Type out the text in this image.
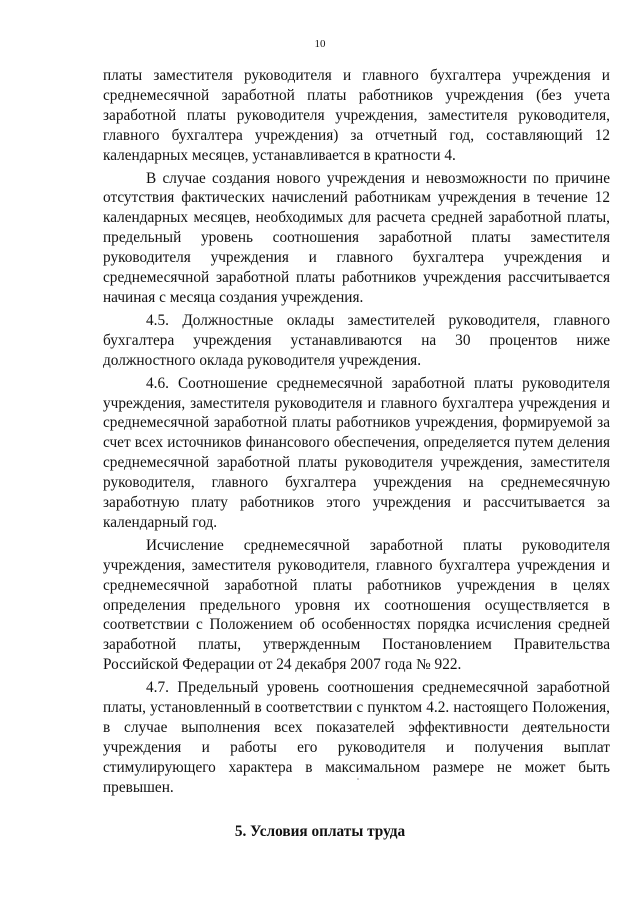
10

платы заместителя руководителя и главного бухгалтера учреждения и среднемесячной заработной платы работников учреждения (без учета заработной платы руководителя учреждения, заместителя руководителя, главного бухгалтера учреждения) за отчетный год, составляющий 12 календарных месяцев, устанавливается в кратности 4.

В случае создания нового учреждения и невозможности по причине отсутствия фактических начислений работникам учреждения в течение 12 календарных месяцев, необходимых для расчета средней заработной платы, предельный уровень соотношения заработной платы заместителя руководителя учреждения и главного бухгалтера учреждения и среднемесячной заработной платы работников учреждения рассчитывается начиная с месяца создания учреждения.

4.5. Должностные оклады заместителей руководителя, главного бухгалтера учреждения устанавливаются на 30 процентов ниже должностного оклада руководителя учреждения.

4.6. Соотношение среднемесячной заработной платы руководителя учреждения, заместителя руководителя и главного бухгалтера учреждения и среднемесячной заработной платы работников учреждения, формируемой за счет всех источников финансового обеспечения, определяется путем деления среднемесячной заработной платы руководителя учреждения, заместителя руководителя, главного бухгалтера учреждения на среднемесячную заработную плату работников этого учреждения и рассчитывается за календарный год.

Исчисление среднемесячной заработной платы руководителя учреждения, заместителя руководителя, главного бухгалтера учреждения и среднемесячной заработной платы работников учреждения в целях определения предельного уровня их соотношения осуществляется в соответствии с Положением об особенностях порядка исчисления средней заработной платы, утвержденным Постановлением Правительства Российской Федерации от 24 декабря 2007 года № 922.

4.7. Предельный уровень соотношения среднемесячной заработной платы, установленный в соответствии с пунктом 4.2. настоящего Положения, в случае выполнения всех показателей эффективности деятельности учреждения и работы его руководителя и получения выплат стимулирующего характера в максимальном размере не может быть превышен.

5. Условия оплаты труда
